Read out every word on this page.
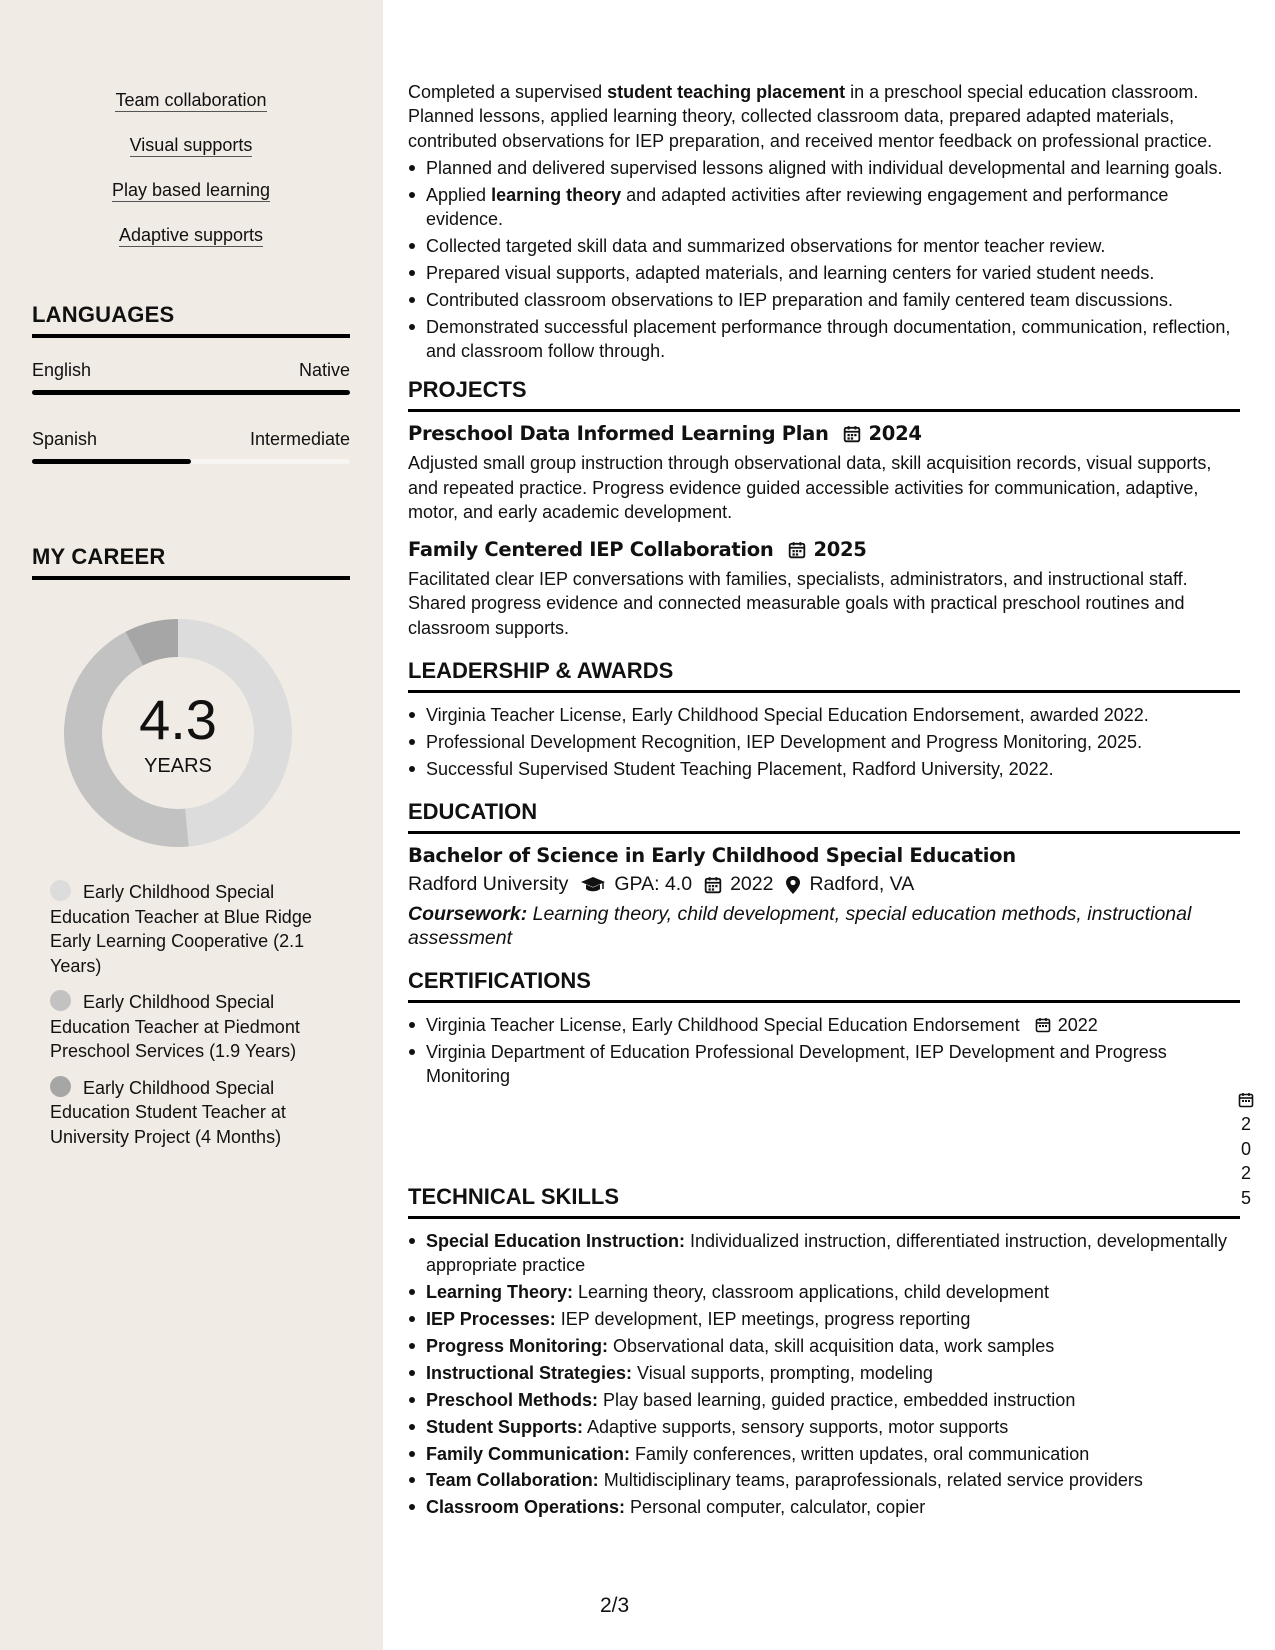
Team collaboration
Visual supports
Play based learning
Adaptive supports
LANGUAGES
English	Native
Spanish	Intermediate
MY CAREER
4.3
YEARS
Early Childhood Special Education Teacher at Blue Ridge Early Learning Cooperative (2.1 Years)
Early Childhood Special Education Teacher at Piedmont Preschool Services (1.9 Years)
Early Childhood Special Education Student Teacher at University Project (4 Months)
Completed a supervised student teaching placement in a preschool special education classroom. Planned lessons, applied learning theory, collected classroom data, prepared adapted materials, contributed observations for IEP preparation, and received mentor feedback on professional practice.
Planned and delivered supervised lessons aligned with individual developmental and learning goals.
Applied learning theory and adapted activities after reviewing engagement and performance evidence.
Collected targeted skill data and summarized observations for mentor teacher review.
Prepared visual supports, adapted materials, and learning centers for varied student needs.
Contributed classroom observations to IEP preparation and family centered team discussions.
Demonstrated successful placement performance through documentation, communication, reflection, and classroom follow through.
PROJECTS
Preschool Data Informed Learning Plan 2024
Adjusted small group instruction through observational data, skill acquisition records, visual supports, and repeated practice. Progress evidence guided accessible activities for communication, adaptive, motor, and early academic development.
Family Centered IEP Collaboration 2025
Facilitated clear IEP conversations with families, specialists, administrators, and instructional staff. Shared progress evidence and connected measurable goals with practical preschool routines and classroom supports.
LEADERSHIP & AWARDS
Virginia Teacher License, Early Childhood Special Education Endorsement, awarded 2022.
Professional Development Recognition, IEP Development and Progress Monitoring, 2025.
Successful Supervised Student Teaching Placement, Radford University, 2022.
EDUCATION
Bachelor of Science in Early Childhood Special Education
Radford University GPA: 4.0 2022 Radford, VA
Coursework: Learning theory, child development, special education methods, instructional assessment
CERTIFICATIONS
Virginia Teacher License, Early Childhood Special Education Endorsement 2022
Virginia Department of Education Professional Development, IEP Development and Progress Monitoring
TECHNICAL SKILLS
Special Education Instruction: Individualized instruction, differentiated instruction, developmentally appropriate practice
Learning Theory: Learning theory, classroom applications, child development
IEP Processes: IEP development, IEP meetings, progress reporting
Progress Monitoring: Observational data, skill acquisition data, work samples
Instructional Strategies: Visual supports, prompting, modeling
Preschool Methods: Play based learning, guided practice, embedded instruction
Student Supports: Adaptive supports, sensory supports, motor supports
Family Communication: Family conferences, written updates, oral communication
Team Collaboration: Multidisciplinary teams, paraprofessionals, related service providers
Classroom Operations: Personal computer, calculator, copier
2025
2/3
